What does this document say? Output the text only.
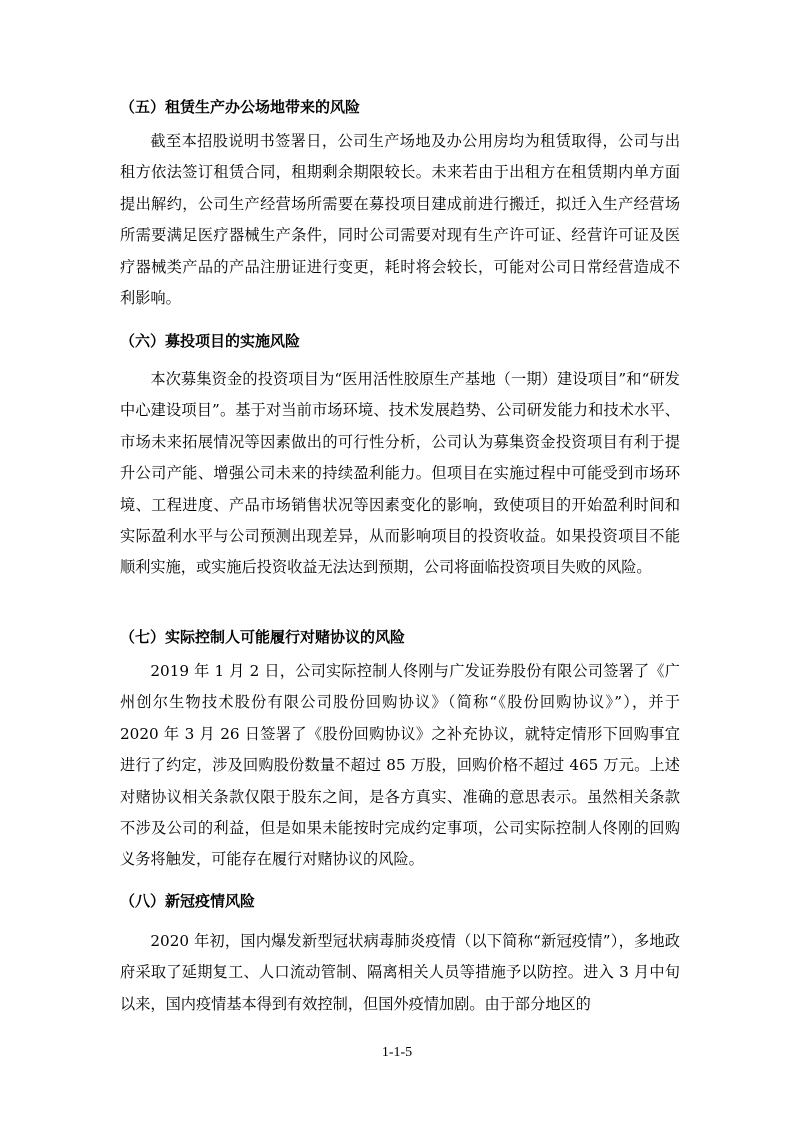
（五）租赁生产办公场地带来的风险

截至本招股说明书签署日，公司生产场地及办公用房均为租赁取得，公司与出租方依法签订租赁合同，租期剩余期限较长。未来若由于出租方在租赁期内单方面提出解约，公司生产经营场所需要在募投项目建成前进行搬迁，拟迁入生产经营场所需要满足医疗器械生产条件，同时公司需要对现有生产许可证、经营许可证及医疗器械类产品的产品注册证进行变更，耗时将会较长，可能对公司日常经营造成不利影响。

（六）募投项目的实施风险

本次募集资金的投资项目为“医用活性胶原生产基地（一期）建设项目”和“研发中心建设项目”。基于对当前市场环境、技术发展趋势、公司研发能力和技术水平、市场未来拓展情况等因素做出的可行性分析，公司认为募集资金投资项目有利于提升公司产能、增强公司未来的持续盈利能力。但项目在实施过程中可能受到市场环境、工程进度、产品市场销售状况等因素变化的影响，致使项目的开始盈利时间和实际盈利水平与公司预测出现差异，从而影响项目的投资收益。如果投资项目不能顺利实施，或实施后投资收益无法达到预期，公司将面临投资项目失败的风险。

（七）实际控制人可能履行对赌协议的风险

2019 年 1 月 2 日，公司实际控制人佟刚与广发证券股份有限公司签署了《广州创尔生物技术股份有限公司股份回购协议》（简称“《股份回购协议》”），并于 2020 年 3 月 26 日签署了《股份回购协议》之补充协议，就特定情形下回购事宜进行了约定，涉及回购股份数量不超过 85 万股，回购价格不超过 465 万元。上述对赌协议相关条款仅限于股东之间，是各方真实、准确的意思表示。虽然相关条款不涉及公司的利益，但是如果未能按时完成约定事项，公司实际控制人佟刚的回购义务将触发，可能存在履行对赌协议的风险。

（八）新冠疫情风险

2020 年初，国内爆发新型冠状病毒肺炎疫情（以下简称“新冠疫情”），多地政府采取了延期复工、人口流动管制、隔离相关人员等措施予以防控。进入 3 月中旬以来，国内疫情基本得到有效控制，但国外疫情加剧。由于部分地区的

1-1-5
